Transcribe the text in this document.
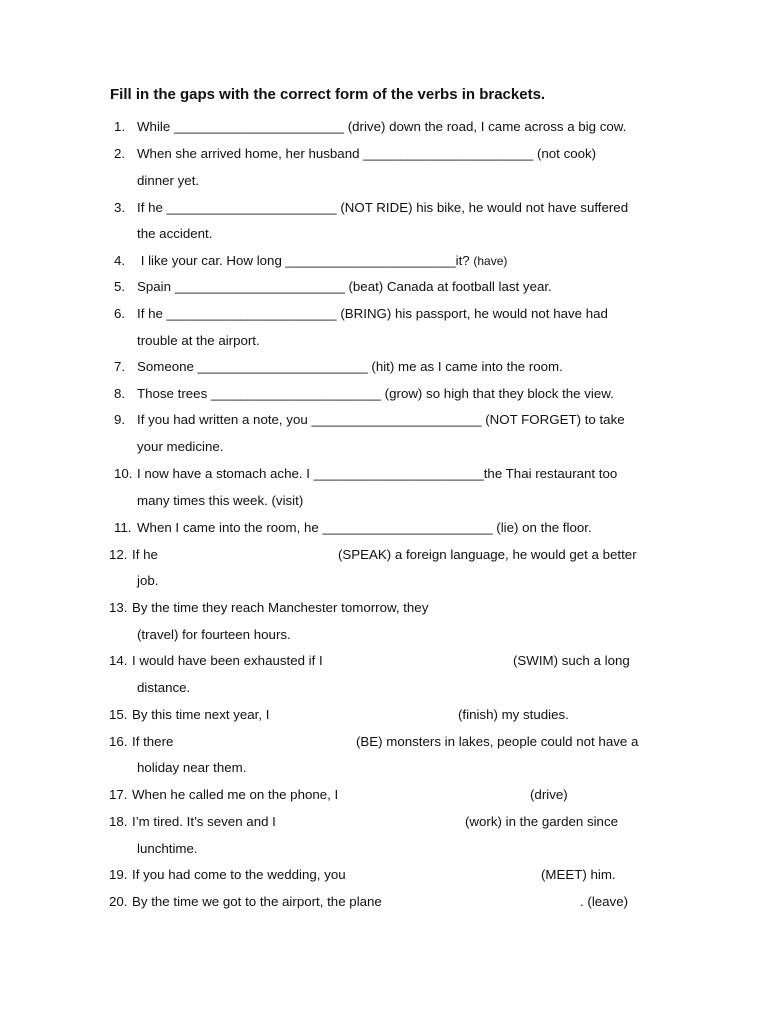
Fill in the gaps with the correct form of the verbs in brackets.
1. While _______________________ (drive) down the road, I came across a big cow.
2. When she arrived home, her husband _______________________ (not cook)
dinner yet.
3. If he _______________________ (NOT RIDE) his bike, he would not have suffered
the accident.
4. I like your car. How long _______________________it? (have)
5. Spain _______________________ (beat) Canada at football last year.
6. If he _______________________ (BRING) his passport, he would not have had
trouble at the airport.
7. Someone _______________________ (hit) me as I came into the room.
8. Those trees _______________________ (grow) so high that they block the view.
9. If you had written a note, you _______________________ (NOT FORGET) to take
your medicine.
10. I now have a stomach ache. I _______________________the Thai restaurant too
many times this week. (visit)
11. When I came into the room, he _______________________ (lie) on the floor.
12. If he	(SPEAK) a foreign language, he would get a better
job.
13. By the time they reach Manchester tomorrow, they
(travel) for fourteen hours.
14. I would have been exhausted if I	(SWIM) such a long
distance.
15. By this time next year, I	(finish) my studies.
16. If there	(BE) monsters in lakes, people could not have a
holiday near them.
17. When he called me on the phone, I	(drive)
18. I’m tired. It’s seven and I	(work) in the garden since
lunchtime.
19. If you had come to the wedding, you	(MEET) him.
20. By the time we got to the airport, the plane	. (leave)
